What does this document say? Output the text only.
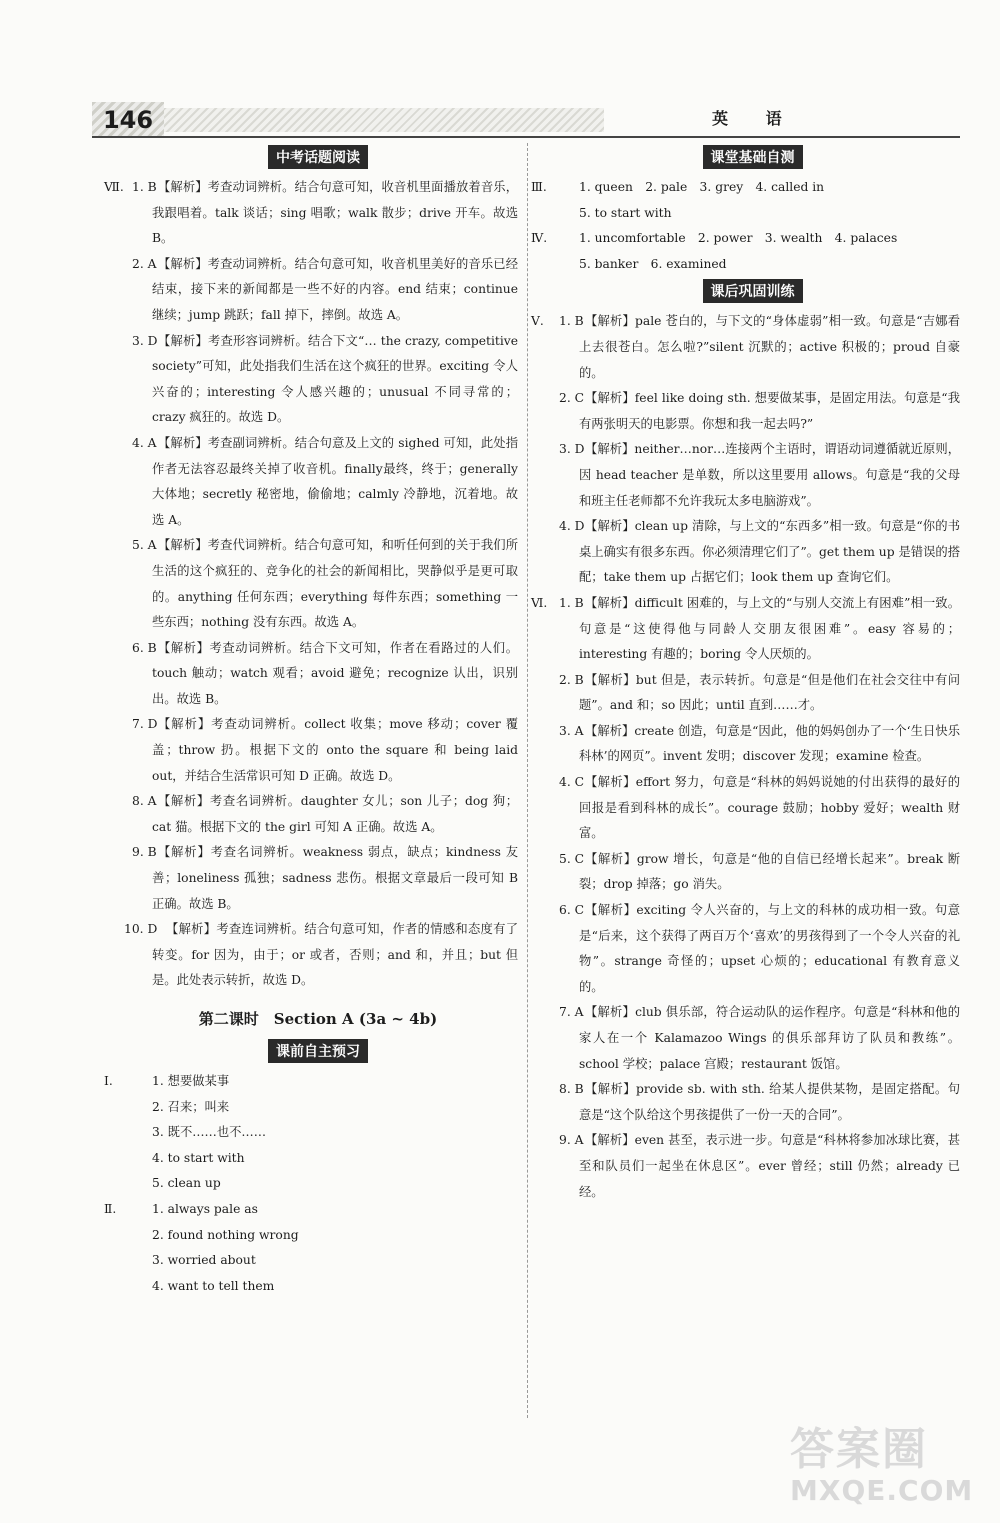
146	英 语
中考话题阅读
Ⅶ. 1. B 【解析】考查动词辨析。结合句意可知，收音机里面播放着音乐，我跟唱着。talk 谈话；sing 唱歌；walk 散步；drive 开车。故选 B。
2. A 【解析】考查动词辨析。结合句意可知，收音机里美好的音乐已经结束，接下来的新闻都是一些不好的内容。end 结束；continue 继续；jump 跳跃；fall 掉下，摔倒。故选 A。
3. D 【解析】考查形容词辨析。结合下文“… the crazy, competitive society”可知，此处指我们生活在这个疯狂的世界。exciting 令人兴奋的；interesting 令人感兴趣的；unusual 不同寻常的；crazy 疯狂的。故选 D。
4. A 【解析】考查副词辨析。结合句意及上文的 sighed 可知，此处指作者无法容忍最终关掉了收音机。finally最终，终于；generally 大体地；secretly 秘密地，偷偷地；calmly 冷静地，沉着地。故选 A。
5. A 【解析】考查代词辨析。结合句意可知，和听任何到的关于我们所生活的这个疯狂的、竞争化的社会的新闻相比，哭静似乎是更可取的。anything 任何东西；everything 每件东西；something 一些东西；nothing 没有东西。故选 A。
6. B 【解析】考查动词辨析。结合下文可知，作者在看路过的人们。touch 触动；watch 观看；avoid 避免；recognize 认出，识别出。故选 B。
7. D 【解析】考查动词辨析。collect 收集；move 移动；cover 覆盖；throw 扔。根据下文的 onto the square 和 being laid out，并结合生活常识可知 D 正确。故选 D。
8. A 【解析】考查名词辨析。daughter 女儿；son 儿子；dog 狗；cat 猫。根据下文的 the girl 可知 A 正确。故选 A。
9. B 【解析】考查名词辨析。weakness 弱点，缺点；kindness 友善；loneliness 孤独；sadness 悲伤。根据文章最后一段可知 B 正确。故选 B。
10. D 【解析】考查连词辨析。结合句意可知，作者的情感和态度有了转变。for 因为，由于；or 或者，否则；and 和，并且；but 但是。此处表示转折，故选 D。
第二课时　Section A (3a ~ 4b)
课前自主预习
Ⅰ.	1. 想要做某事
2. 召来；叫来
3. 既不……也不……
4. to start with
5. clean up
Ⅱ.	1. always pale as
2. found nothing wrong
3. worried about
4. want to tell them
课堂基础自测
Ⅲ.	1. queen　2. pale　3. grey　4. called in
5. to start with
Ⅳ.	1. uncomfortable　2. power　3. wealth　4. palaces
5. banker　6. examined
课后巩固训练
Ⅴ. 1. B 【解析】pale 苍白的，与下文的“身体虚弱”相一致。句意是“吉娜看上去很苍白。怎么啦?”silent 沉默的；active 积极的；proud 自豪的。
2. C 【解析】feel like doing sth. 想要做某事，是固定用法。句意是“我有两张明天的电影票。你想和我一起去吗?”
3. D 【解析】neither…nor…连接两个主语时，谓语动词遵循就近原则，因 head teacher 是单数，所以这里要用 allows。句意是“我的父母和班主任老师都不允许我玩太多电脑游戏”。
4. D 【解析】clean up 清除，与上文的“东西多”相一致。句意是“你的书桌上确实有很多东西。你必须清理它们了”。get them up 是错误的搭配；take them up 占据它们；look them up 查询它们。
Ⅵ. 1. B 【解析】difficult 困难的，与上文的“与别人交流上有困难”相一致。句意是“这使得他与同龄人交朋友很困难”。easy 容易的；interesting 有趣的；boring 令人厌烦的。
2. B 【解析】but 但是，表示转折。句意是“但是他们在社会交往中有问题”。and 和；so 因此；until 直到……才。
3. A 【解析】create 创造，句意是“因此，他的妈妈创办了一个‘生日快乐科林’的网页”。invent 发明；discover 发现；examine 检查。
4. C 【解析】effort 努力，句意是“科林的妈妈说她的付出获得的最好的回报是看到科林的成长”。courage 鼓励；hobby 爱好；wealth 财富。
5. C 【解析】grow 增长，句意是“他的自信已经增长起来”。break 断裂；drop 掉落；go 消失。
6. C 【解析】exciting 令人兴奋的，与上文的科林的成功相一致。句意是“后来，这个获得了两百万个‘喜欢’的男孩得到了一个令人兴奋的礼物”。strange 奇怪的；upset 心烦的；educational 有教育意义的。
7. A 【解析】club 俱乐部，符合运动队的运作程序。句意是“科林和他的家人在一个 Kalamazoo Wings 的俱乐部拜访了队员和教练”。school 学校；palace 宫殿；restaurant 饭馆。
8. B 【解析】provide sb. with sth. 给某人提供某物，是固定搭配。句意是“这个队给这个男孩提供了一份一天的合同”。
9. A 【解析】even 甚至，表示进一步。句意是“科林将参加冰球比赛，甚至和队员们一起坐在休息区”。ever 曾经；still 仍然；already 已经。
答案圈
MXQE.COM
